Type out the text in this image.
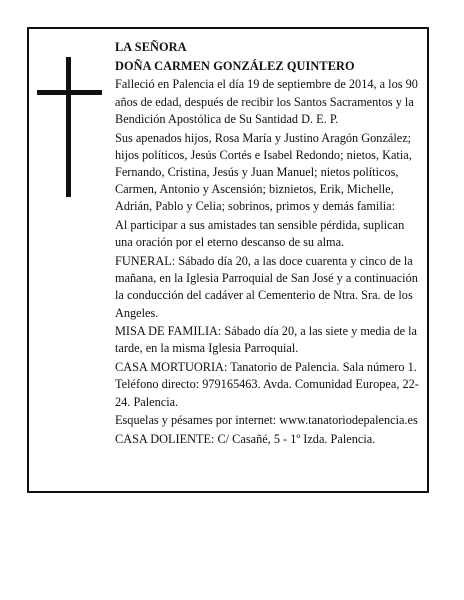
LA SEÑORA

DOÑA CARMEN GONZÁLEZ QUINTERO

Falleció en Palencia el día 19 de septiembre de 2014, a los 90 años de edad, después de recibir los Santos Sacramentos y la Bendición Apostólica de Su Santidad D. E. P.

Sus apenados hijos, Rosa María y Justino Aragón González; hijos políticos, Jesús Cortés e Isabel Redondo; nietos, Katia, Fernando, Cristina, Jesús y Juan Manuel; nietos políticos, Carmen, Antonio y Ascensión; biznietos, Erik, Michelle, Adrián, Pablo y Celia; sobrinos, primos y demás familia:

Al participar a sus amistades tan sensible pérdida, suplican una oración por el eterno descanso de su alma.

FUNERAL: Sábado día 20, a las doce cuarenta y cinco de la mañana, en la Iglesia Parroquial de San José y a continuación la conducción del cadáver al Cementerio de Ntra. Sra. de los Angeles.

MISA DE FAMILIA: Sábado día 20, a las siete y media de la tarde, en la misma Iglesia Parroquial.

CASA MORTUORIA: Tanatorio de Palencia. Sala número 1. Teléfono directo: 979165463. Avda. Comunidad Europea, 22-24. Palencia.

Esquelas y pésames por internet: www.tanatoriodepalencia.es

CASA DOLIENTE: C/ Casañé, 5 - 1º Izda. Palencia.
